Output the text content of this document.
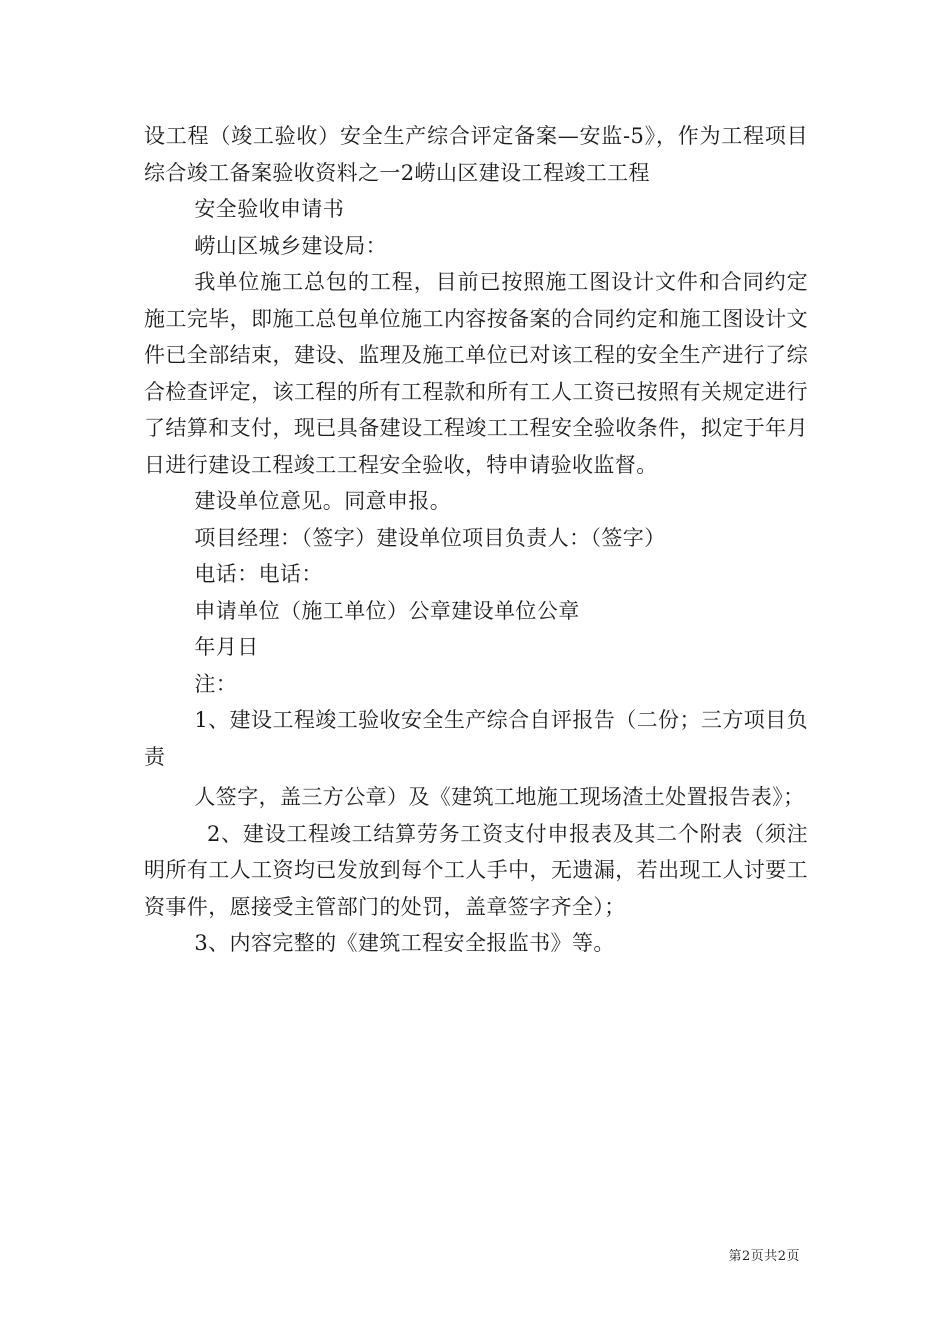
设工程（竣工验收）安全生产综合评定备案—安监-5》，作为工程项目综合竣工备案验收资料之一2崂山区建设工程竣工工程

安全验收申请书

崂山区城乡建设局：

我单位施工总包的工程，目前已按照施工图设计文件和合同约定施工完毕，即施工总包单位施工内容按备案的合同约定和施工图设计文件已全部结束，建设、监理及施工单位已对该工程的安全生产进行了综合检查评定，该工程的所有工程款和所有工人工资已按照有关规定进行了结算和支付，现已具备建设工程竣工工程安全验收条件，拟定于年月日进行建设工程竣工工程安全验收，特申请验收监督。

建设单位意见。同意申报。

项目经理：（签字）建设单位项目负责人：（签字）

电话：电话：

申请单位（施工单位）公章建设单位公章

年月日

注：

1、建设工程竣工验收安全生产综合自评报告（二份；三方项目负责

人签字，盖三方公章）及《建筑工地施工现场渣土处置报告表》；

2、建设工程竣工结算劳务工资支付申报表及其二个附表（须注明所有工人工资均已发放到每个工人手中，无遗漏，若出现工人讨要工资事件，愿接受主管部门的处罚，盖章签字齐全）；

3、内容完整的《建筑工程安全报监书》等。

第2页共2页
